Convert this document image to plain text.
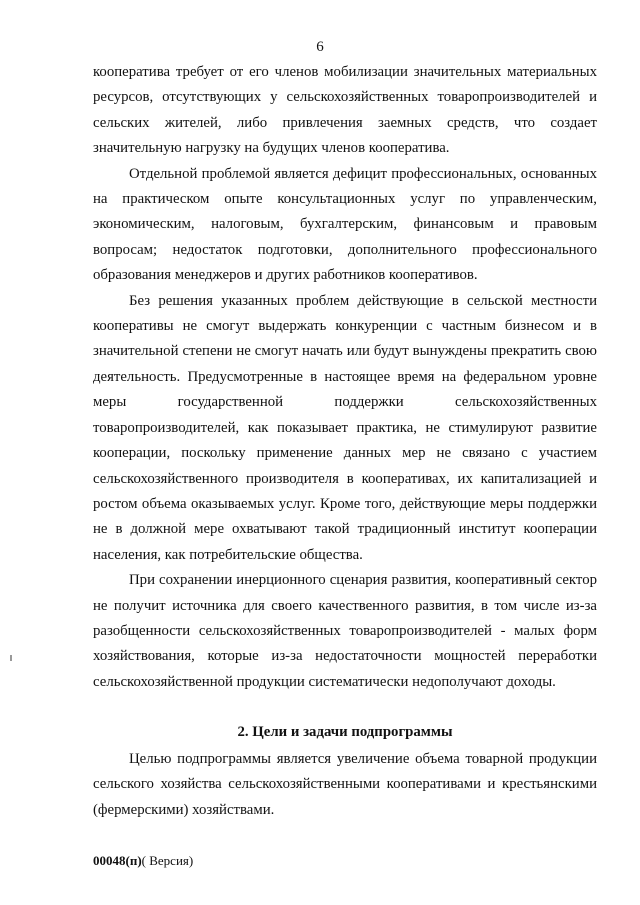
6

кооператива требует от его членов мобилизации значительных материальных ресурсов, отсутствующих у сельскохозяйственных товаропроизводителей и сельских жителей, либо привлечения заемных средств, что создает значительную нагрузку на будущих членов кооператива.

Отдельной проблемой является дефицит профессиональных, основанных на практическом опыте консультационных услуг по управленческим, экономическим, налоговым, бухгалтерским, финансовым и правовым вопросам; недостаток подготовки, дополнительного профессионального образования менеджеров и других работников кооперативов.

Без решения указанных проблем действующие в сельской местности кооперативы не смогут выдержать конкуренции с частным бизнесом и в значительной степени не смогут начать или будут вынуждены прекратить свою деятельность. Предусмотренные в настоящее время на федеральном уровне меры государственной поддержки сельскохозяйственных товаропроизводителей, как показывает практика, не стимулируют развитие кооперации, поскольку применение данных мер не связано с участием сельскохозяйственного производителя в кооперативах, их капитализацией и ростом объема оказываемых услуг. Кроме того, действующие меры поддержки не в должной мере охватывают такой традиционный институт кооперации населения, как потребительские общества.

При сохранении инерционного сценария развития, кооперативный сектор не получит источника для своего качественного развития, в том числе из-за разобщенности сельскохозяйственных товаропроизводителей - малых форм хозяйствования, которые из-за недостаточности мощностей переработки сельскохозяйственной продукции систематически недополучают доходы.

2. Цели и задачи подпрограммы

Целью подпрограммы является увеличение объема товарной продукции сельского хозяйства сельскохозяйственными кооперативами и крестьянскими (фермерскими) хозяйствами.

00048(п)( Версия)
